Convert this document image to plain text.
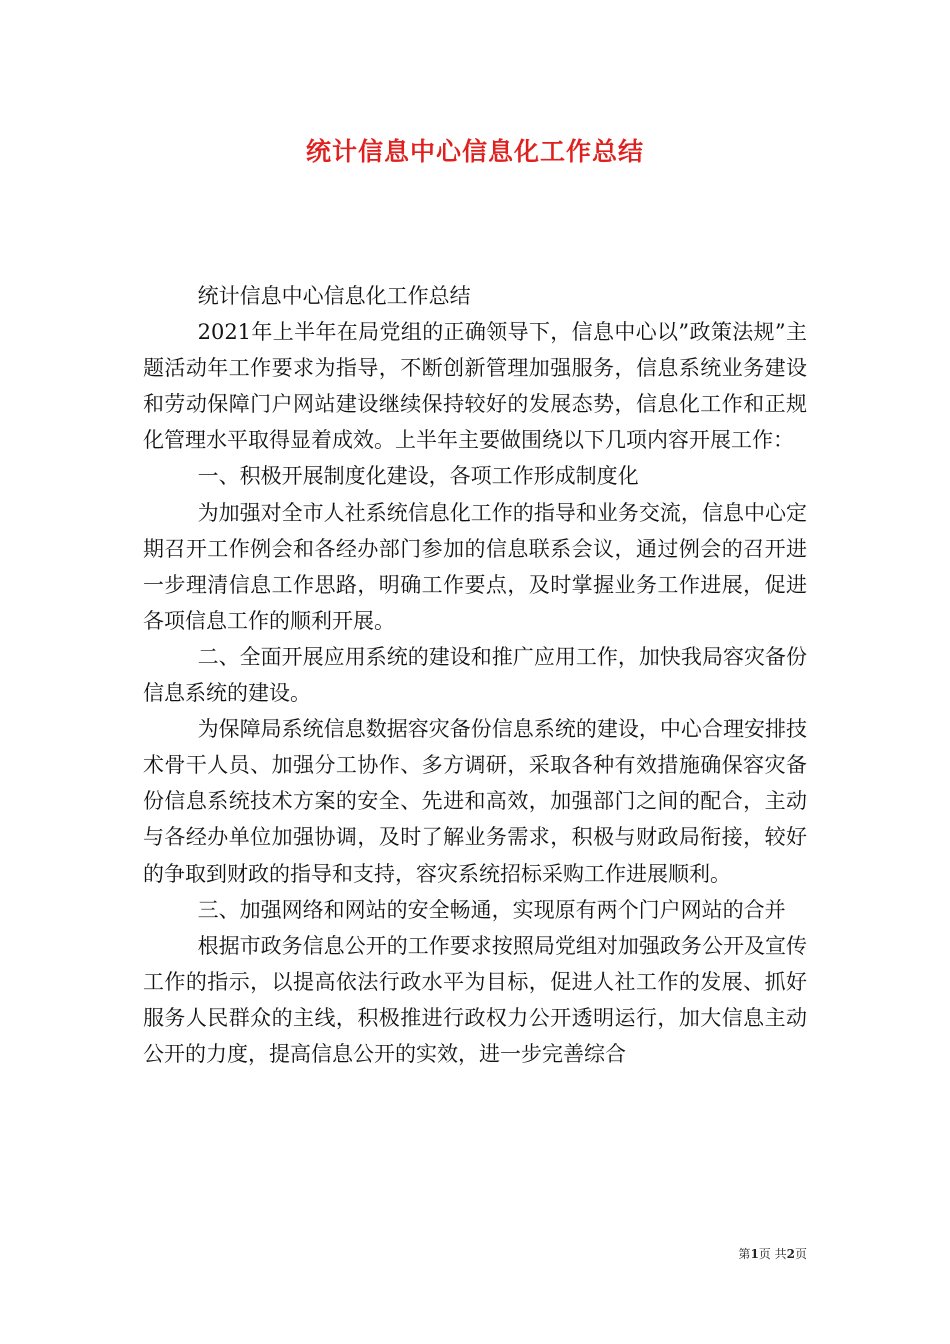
统计信息中心信息化工作总结

统计信息中心信息化工作总结

2021年上半年在局党组的正确领导下，信息中心以”政策法规”主题活动年工作要求为指导，不断创新管理加强服务，信息系统业务建设和劳动保障门户网站建设继续保持较好的发展态势，信息化工作和正规化管理水平取得显着成效。上半年主要做围绕以下几项内容开展工作：

一、积极开展制度化建设，各项工作形成制度化

为加强对全市人社系统信息化工作的指导和业务交流，信息中心定期召开工作例会和各经办部门参加的信息联系会议，通过例会的召开进一步理清信息工作思路，明确工作要点，及时掌握业务工作进展，促进各项信息工作的顺利开展。

二、全面开展应用系统的建设和推广应用工作，加快我局容灾备份信息系统的建设。

为保障局系统信息数据容灾备份信息系统的建设，中心合理安排技术骨干人员、加强分工协作、多方调研，采取各种有效措施确保容灾备份信息系统技术方案的安全、先进和高效，加强部门之间的配合，主动与各经办单位加强协调，及时了解业务需求，积极与财政局衔接，较好的争取到财政的指导和支持，容灾系统招标采购工作进展顺利。

三、加强网络和网站的安全畅通，实现原有两个门户网站的合并

根据市政务信息公开的工作要求按照局党组对加强政务公开及宣传工作的指示，以提高依法行政水平为目标，促进人社工作的发展、抓好服务人民群众的主线，积极推进行政权力公开透明运行，加大信息主动公开的力度，提高信息公开的实效，进一步完善综合

第1页 共2页
